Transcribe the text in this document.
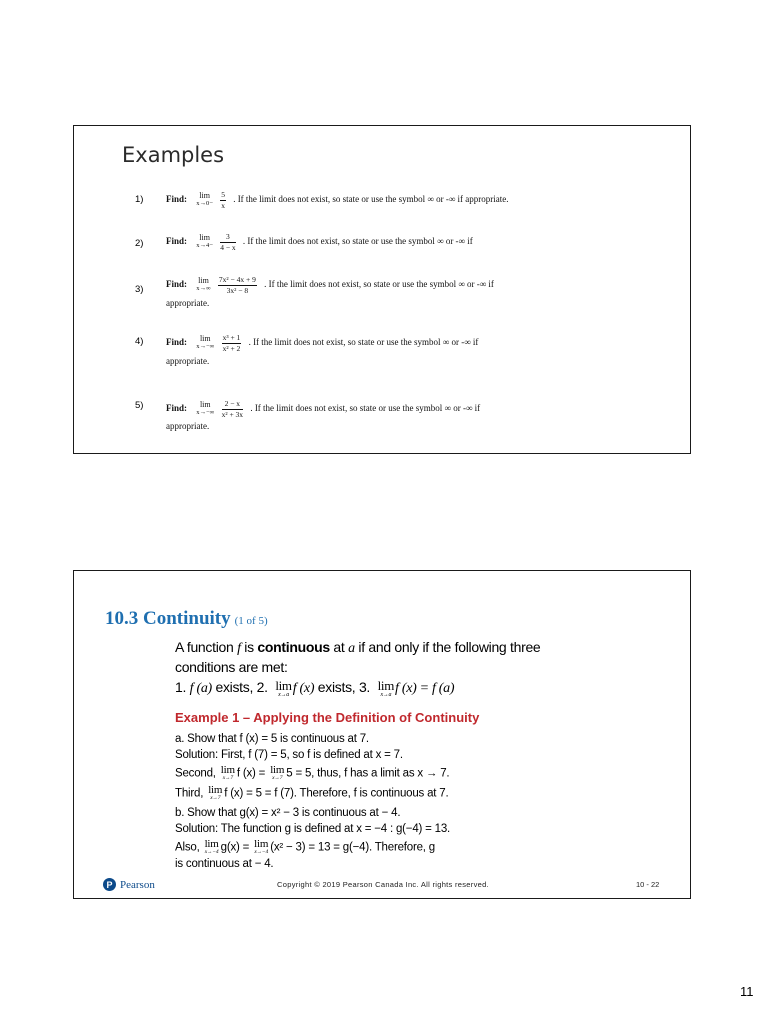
Examples
1)	Find:	lim
x→0−
$\frac{5}{x}$ . If the limit does not exist, so state or use the symbol ∞ or -∞ if appropriate.
2)	Find:	lim
x→4−
$\frac{3}{4 - x}$ . If the limit does not exist, so state or use the symbol ∞ or -∞ if
3)	Find: lim
x→∞
$\frac{\text{7x² − 4x + 9}}{\text{3x² − 8}}$ . If the limit does not exist, so state or use the symbol ∞ or -∞ if
appropriate.
4)	Find:	lim
x→−∞
$\frac{\text{x³ + 1}}{\text{x² + 2}}$ . If the limit does not exist, so state or use the symbol ∞ or -∞ if
appropriate.
5)	Find:	lim
x→−∞
$\frac{2 - x}{\text{x² + 3x}}$ . If the limit does not exist, so state or use the symbol ∞ or -∞ if
appropriate.
10.3 Continuity (1 of 5)
A function f is continuous at a if and only if the following three
conditions are met:
1. f (a) exists, 2. lim
x→a f (x) exists, 3. lim
x→a f (x) = f (a)
Example 1 – Applying the Definition of Continuity
a. Show that f (x) = 5 is continuous at 7.
Solution: First, f (7) = 5, so f is defined at x = 7.
Second, lim
x→7 f (x) = lim
x→7 5 = 5, thus, f has a limit as x → 7.
Third, lim
x→7 f (x) = 5 = f (7). Therefore, f is continuous at 7.
b. Show that g(x) = x² − 3 is continuous at − 4.
Solution: The function g is defined at x = −4 : g(−4) = 13.
Also, lim
x→−4 g(x) = lim
x→−4 (x² − 3) = 13 = g(−4). Therefore, g
is continuous at − 4.
P Pearson	Copyright © 2019 Pearson Canada Inc. All rights reserved.	10 - 22
11
